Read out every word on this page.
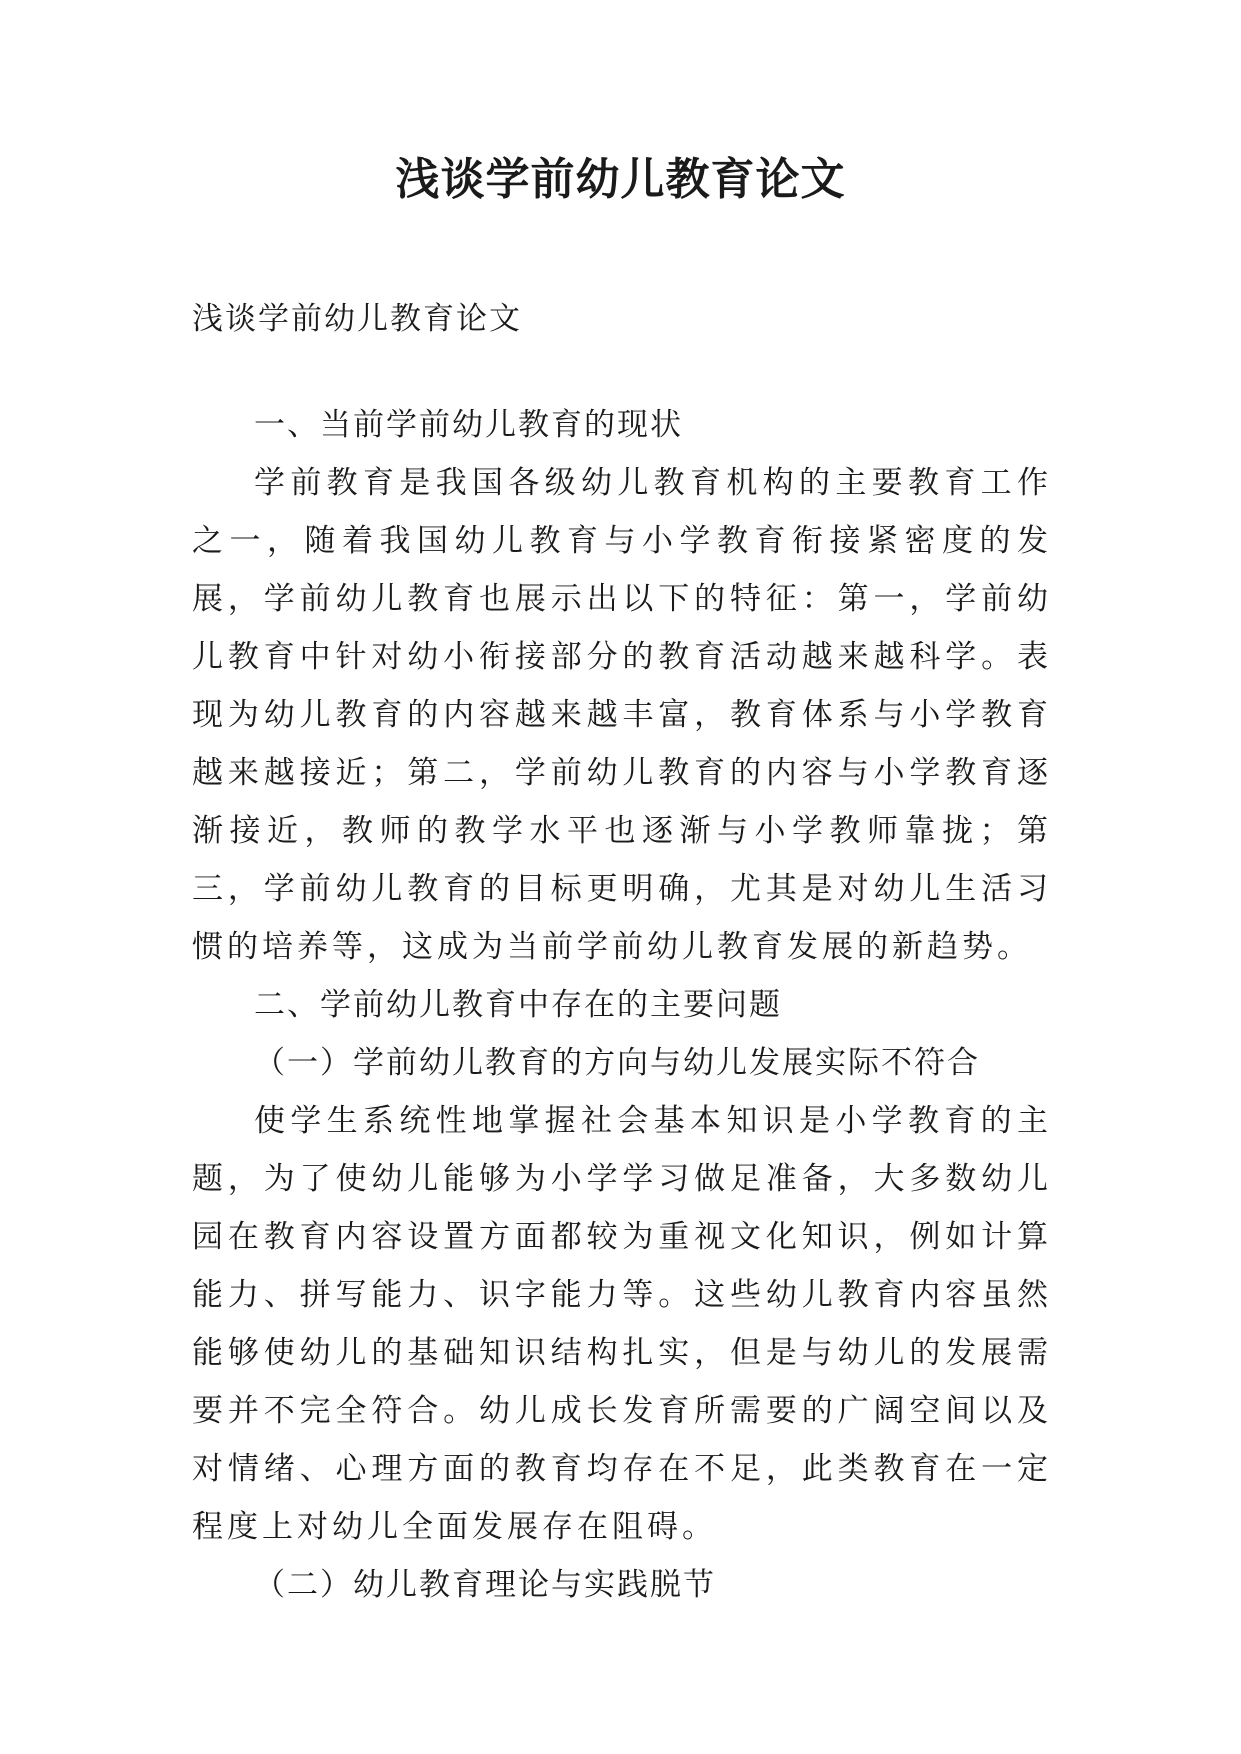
浅谈学前幼儿教育论文

浅谈学前幼儿教育论文

一、当前学前幼儿教育的现状

学前教育是我国各级幼儿教育机构的主要教育工作之一，随着我国幼儿教育与小学教育衔接紧密度的发展，学前幼儿教育也展示出以下的特征：第一，学前幼儿教育中针对幼小衔接部分的教育活动越来越科学。表现为幼儿教育的内容越来越丰富，教育体系与小学教育越来越接近；第二，学前幼儿教育的内容与小学教育逐渐接近，教师的教学水平也逐渐与小学教师靠拢；第三，学前幼儿教育的目标更明确，尤其是对幼儿生活习惯的培养等，这成为当前学前幼儿教育发展的新趋势。

二、学前幼儿教育中存在的主要问题

（一）学前幼儿教育的方向与幼儿发展实际不符合

使学生系统性地掌握社会基本知识是小学教育的主题，为了使幼儿能够为小学学习做足准备，大多数幼儿园在教育内容设置方面都较为重视文化知识，例如计算能力、拼写能力、识字能力等。这些幼儿教育内容虽然能够使幼儿的基础知识结构扎实，但是与幼儿的发展需要并不完全符合。幼儿成长发育所需要的广阔空间以及对情绪、心理方面的教育均存在不足，此类教育在一定程度上对幼儿全面发展存在阻碍。

（二）幼儿教育理论与实践脱节
